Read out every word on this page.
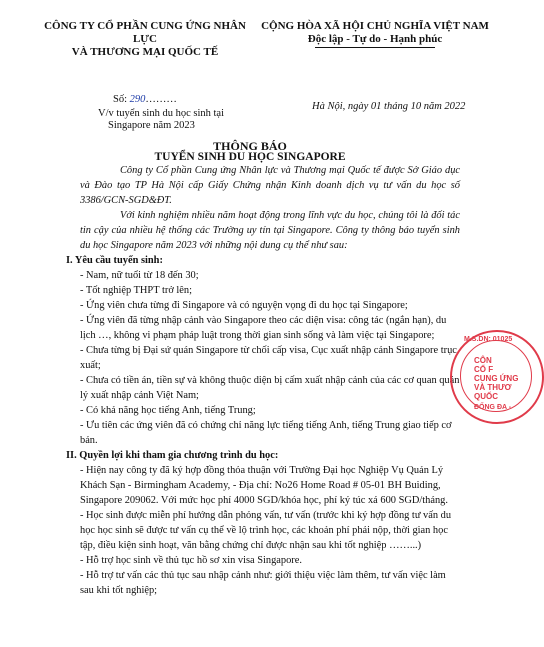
CÔNG TY CỔ PHẦN CUNG ỨNG NHÂN LỰC
VÀ THƯƠNG MẠI QUỐC TẾ
CỘNG HÒA XÃ HỘI CHỦ NGHĨA VIỆT NAM
Độc lập - Tự do - Hạnh phúc
Số: 290………
V/v tuyển sinh du học sinh tại
Singapore năm 2023
Hà Nội, ngày 01 tháng 10 năm 2022
THÔNG BÁO
TUYỂN SINH DU HỌC SINGAPORE

Công ty Cổ phần Cung ứng Nhân lực và Thương mại Quốc tế được Sở Giáo dục và Đào tạo TP Hà Nội cấp Giấy Chứng nhận Kinh doanh dịch vụ tư vấn du học số 3386/GCN-SGD&ĐT.

Với kinh nghiệm nhiều năm hoạt động trong lĩnh vực du học, chúng tôi là đối tác tin cậy của nhiều hệ thống các Trường uy tín tại Singapore. Công ty thông báo tuyển sinh du học Singapore năm 2023 với những nội dung cụ thể như sau:

I. Yêu cầu tuyển sinh:

- Nam, nữ tuổi từ 18 đến 30;

- Tốt nghiệp THPT trở lên;

- Ứng viên chưa từng đi Singapore và có nguyện vọng đi du học tại Singapore;

- Ứng viên đã từng nhập cảnh vào Singapore theo các diện visa: công tác (ngắn hạn), du lịch …, không vi phạm pháp luật trong thời gian sinh sống và làm việc tại Singapore;

- Chưa từng bị Đại sứ quán Singapore từ chối cấp visa, Cục xuất nhập cảnh Singapore trục xuất;

- Chưa có tiền án, tiền sự và không thuộc diện bị cấm xuất nhập cảnh của các cơ quan quản lý xuất nhập cảnh Việt Nam;

- Có khả năng học tiếng Anh, tiếng Trung;

- Ưu tiên các ứng viên đã có chứng chỉ năng lực tiếng tiếng Anh, tiếng Trung giao tiếp cơ bản.

II. Quyền lợi khi tham gia chương trình du học:

- Hiện nay công ty đã ký hợp đồng thỏa thuận với Trường Đại học Nghiệp Vụ Quản Lý Khách Sạn - Birmingham Academy, - Địa chỉ: No26 Home Road # 05-01 BH Buiding, Singapore 209062. Với mức học phí 4000 SGD/khóa học, phí ký túc xá 600 SGD/tháng.

- Học sinh được miễn phí hướng dẫn phỏng vấn, tư vấn (trước khi ký hợp đồng tư vấn du học học sinh sẽ được tư vấn cụ thể về lộ trình học, các khoản phí phải nộp, thời gian học tập, điều kiện sinh hoạt, văn bằng chứng chỉ được nhận sau khi tốt nghiệp ……...)

- Hỗ trợ học sinh về thủ tục hồ sơ xin visa Singapore.

- Hỗ trợ tư vấn các thủ tục sau nhập cảnh như: giới thiệu việc làm thêm, tư vấn việc làm sau khi tốt nghiệp;

M.S.DN: 01025
CÔN
CỔ F
CUNG ỨNG
VÀ THƯƠ
QUỐC
ĐỐNG ĐA -
